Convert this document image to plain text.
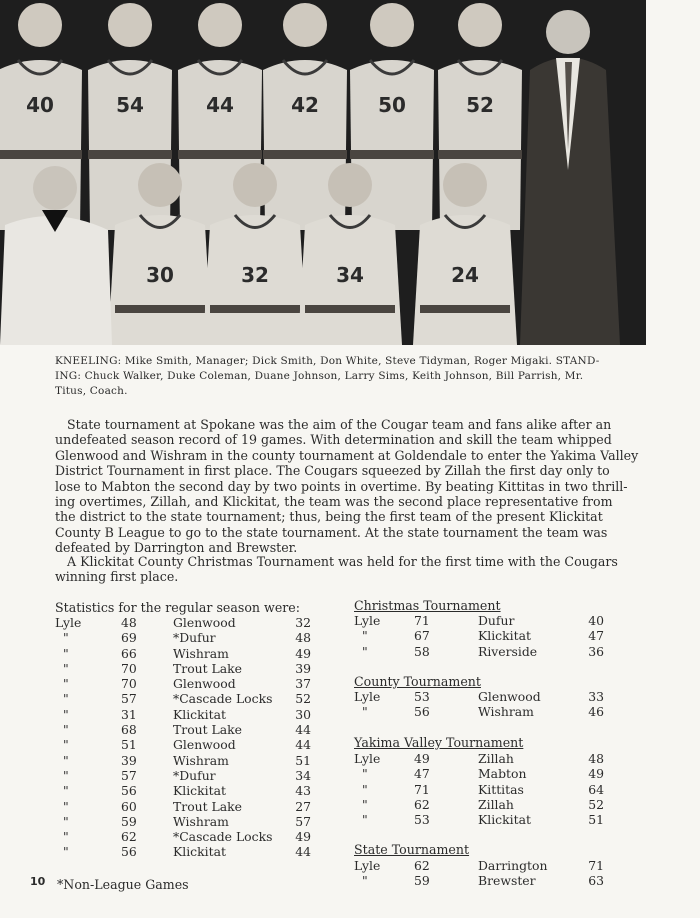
40	54	44	42	50	52
30	32	34	24
KNEELING: Mike Smith, Manager; Dick Smith, Don White, Steve Tidyman, Roger Migaki. STAND-
ING: Chuck Walker, Duke Coleman, Duane Johnson, Larry Sims, Keith Johnson, Bill Parrish, Mr.
Titus, Coach.

State tournament at Spokane was the aim of the Cougar team and fans alike after an
undefeated season record of 19 games. With determination and skill the team whipped
Glenwood and Wishram in the county tournament at Goldendale to enter the Yakima Valley
District Tournament in first place. The Cougars squeezed by Zillah the first day only to
lose to Mabton the second day by two points in overtime. By beating Kittitas in two thrill-
ing overtimes, Zillah, and Klickitat, the team was the second place representative from
the district to the state tournament; thus, being the first team of the present Klickitat
County B League to go to the state tournament. At the state tournament the team was
defeated by Darrington and Brewster.

A Klickitat County Christmas Tournament was held for the first time with the Cougars
winning first place.

Statistics for the regular season were:
Lyle	48	Glenwood	32
"	69	*Dufur	48
"	66	Wishram	49
"	70	Trout Lake	39
"	70	Glenwood	37
"	57	*Cascade Locks	52
"	31	Klickitat	30
"	68	Trout Lake	44
"	51	Glenwood	44
"	39	Wishram	51
"	57	*Dufur	34
"	56	Klickitat	43
"	60	Trout Lake	27
"	59	Wishram	57
"	62	*Cascade Locks	49
"	56	Klickitat	44
Christmas Tournament
Lyle	71	Dufur	40
"	67	Klickitat	47
"	58	Riverside	36
County Tournament
Lyle	53	Glenwood	33
"	56	Wishram	46
Yakima Valley Tournament
Lyle	49	Zillah	48
"	47	Mabton	49
"	71	Kittitas	64
"	62	Zillah	52
"	53	Klickitat	51
State Tournament
Lyle	62	Darrington	71
"	59	Brewster	63
10 *Non-League Games
